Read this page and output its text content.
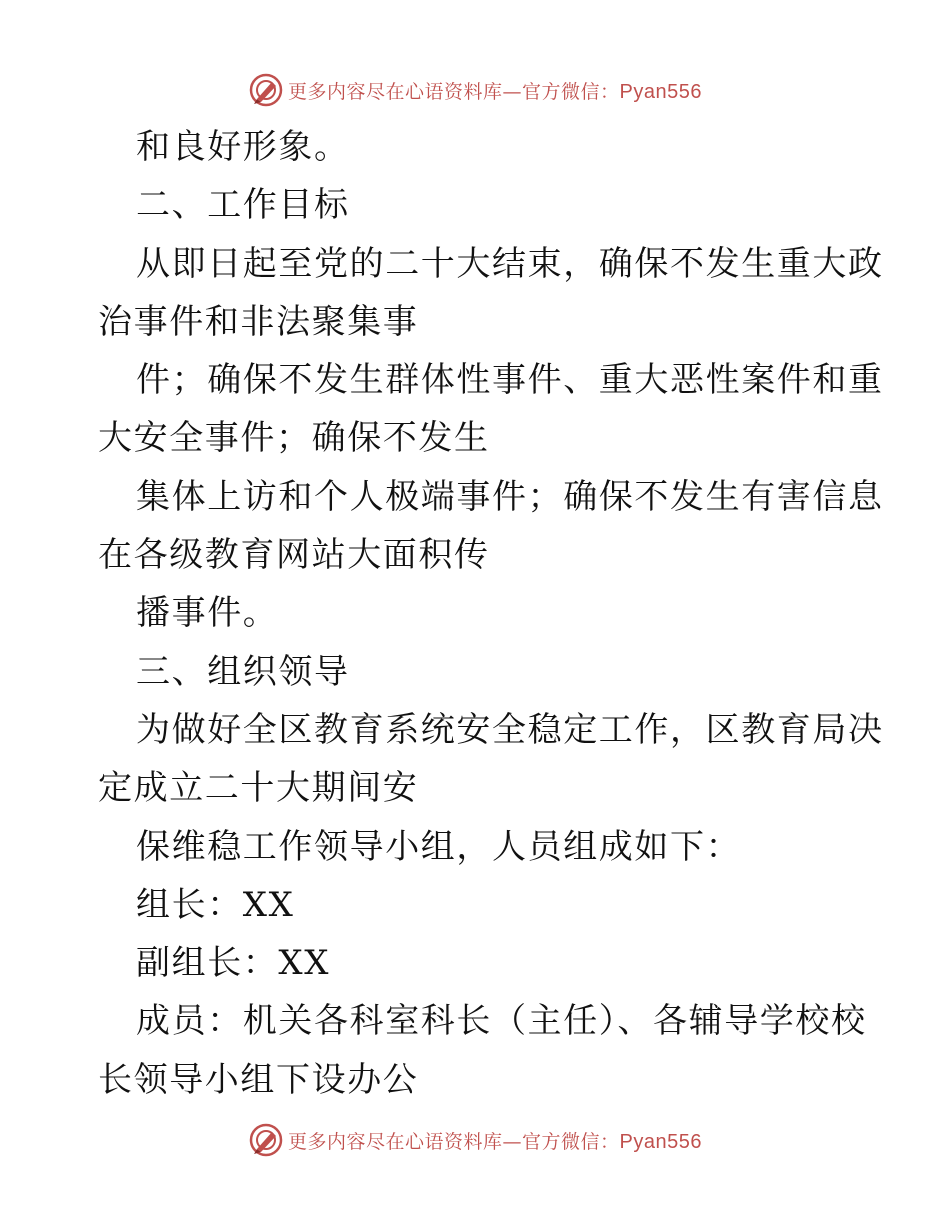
更多内容尽在心语资料库—官方微信：Pyan556
和良好形象。
二、工作目标
从即日起至党的二十大结束，确保不发生重大政
治事件和非法聚集事
件；确保不发生群体性事件、重大恶性案件和重
大安全事件；确保不发生
集体上访和个人极端事件；确保不发生有害信息
在各级教育网站大面积传
播事件。
三、组织领导
为做好全区教育系统安全稳定工作，区教育局决
定成立二十大期间安
保维稳工作领导小组，人员组成如下：
组长：XX
副组长：XX
成员：机关各科室科长（主任）、各辅导学校校
长领导小组下设办公
更多内容尽在心语资料库—官方微信：Pyan556
